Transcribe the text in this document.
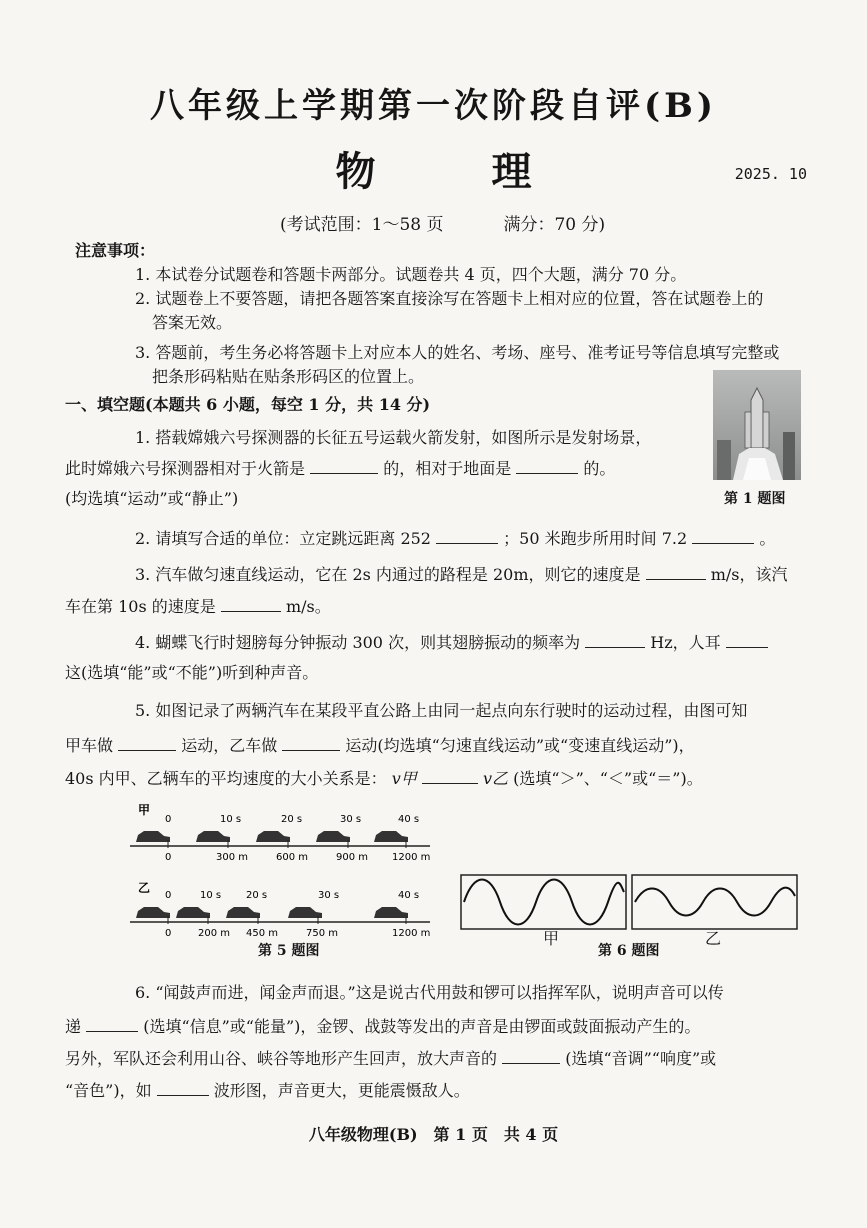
八年级上学期第一次阶段自评(B)
物　理	2025. 10
(考试范围：1～58 页	满分：70 分)
注意事项：
1. 本试卷分试题卷和答题卡两部分。试题卷共 4 页，四个大题，满分 70 分。
2. 试题卷上不要答题，请把各题答案直接涂写在答题卡上相对应的位置，答在试题卷上的
答案无效。
3. 答题前，考生务必将答题卡上对应本人的姓名、考场、座号、准考证号等信息填写完整或
把条形码粘贴在贴条形码区的位置上。
一、填空题(本题共 6 小题，每空 1 分，共 14 分)
1. 搭载嫦娥六号探测器的长征五号运载火箭发射，如图所示是发射场景，
此时嫦娥六号探测器相对于火箭是	的，相对于地面是	的。
(均选填“运动”或“静止”)	第 1 题图
2. 请填写合适的单位：立定跳远距离 252	；50 米跑步所用时间 7.2	。
3. 汽车做匀速直线运动，它在 2s 内通过的路程是 20m，则它的速度是	m/s，该汽
车在第 10s 的速度是	m/s。
4. 蝴蝶飞行时翅膀每分钟振动 300 次，则其翅膀振动的频率为	Hz，人耳
这(选填“能”或“不能”)听到种声音。
5. 如图记录了两辆汽车在某段平直公路上由同一起点向东行驶时的运动过程，由图可知
甲车做	运动，乙车做	运动(均选填“匀速直线运动”或“变速直线运动”)，
40s 内甲、乙辆车的平均速度的大小关系是： v甲	v乙 (选填“＞”、“＜”或“＝”)。
甲
0	10 s	20 s	30 s	40 s
0	300 m	600 m	900 m 1200 m
乙
0	10 s 20 s	30 s	40 s
0	200 m 450 m	750 m	1200 m
第 5 题图
甲
第 6 题图
乙
6. “闻鼓声而进，闻金声而退。”这是说古代用鼓和锣可以指挥军队，说明声音可以传
递	(选填“信息”或“能量”)，金锣、战鼓等发出的声音是由锣面或鼓面振动产生的。
另外，军队还会利用山谷、峡谷等地形产生回声，放大声音的	(选填“音调”“响度”或
“音色”)，如	波形图，声音更大，更能震慑敌人。
八年级物理(B)　第 1 页　共 4 页
